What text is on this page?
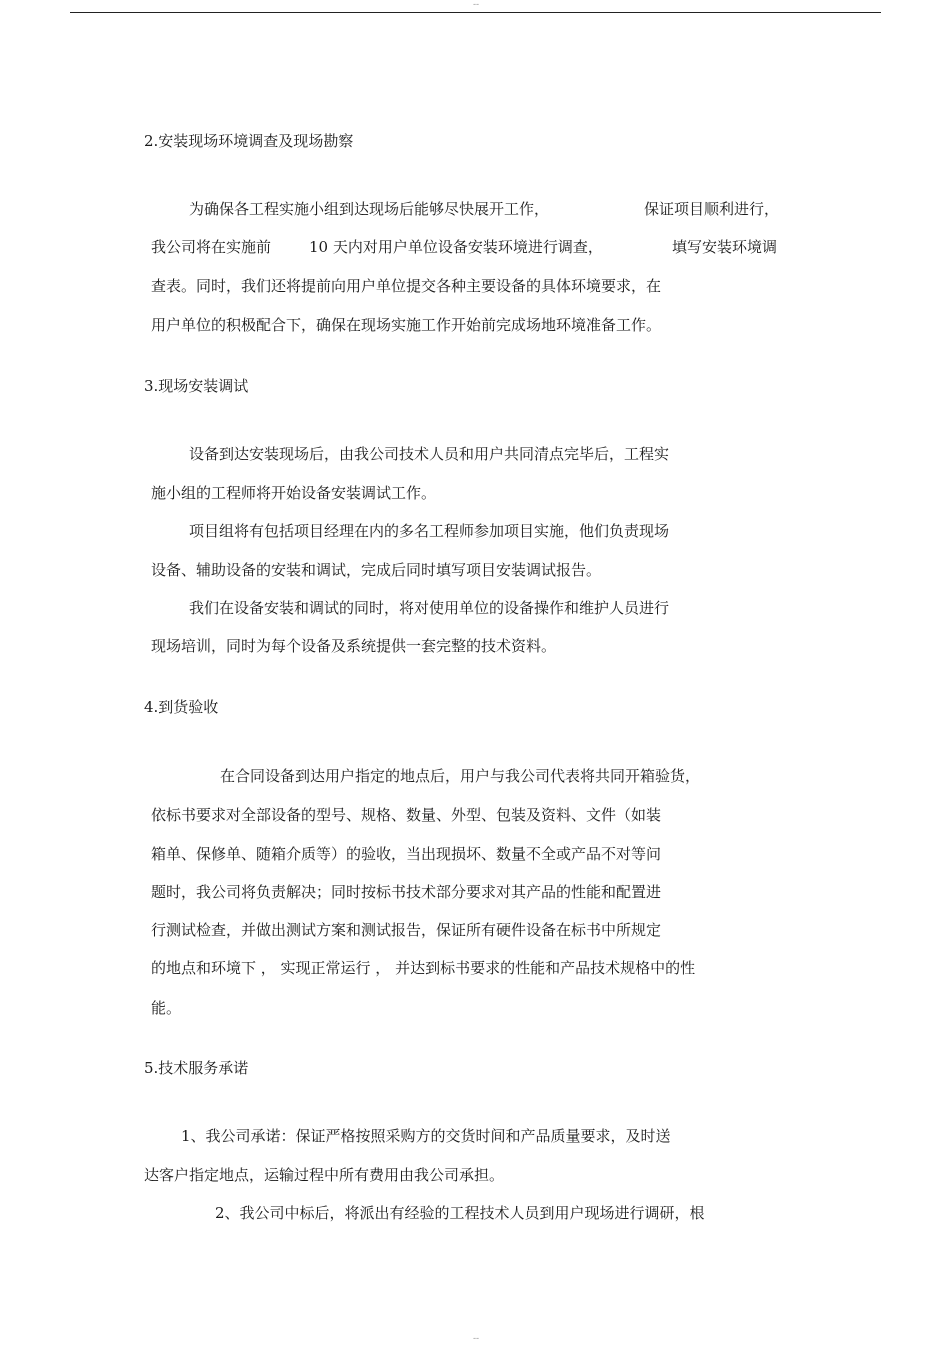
--
2.安装现场环境调查及现场勘察
为确保各工程实施小组到达现场后能够尽快展开工作，	保证项目顺利进行，
我公司将在实施前	10 天内对用户单位设备安装环境进行调查，	填写安装环境调
查表。同时，我们还将提前向用户单位提交各种主要设备的具体环境要求，在
用户单位的积极配合下，确保在现场实施工作开始前完成场地环境准备工作。
3.现场安装调试
设备到达安装现场后，由我公司技术人员和用户共同清点完毕后，工程实
施小组的工程师将开始设备安装调试工作。
项目组将有包括项目经理在内的多名工程师参加项目实施，他们负责现场
设备、辅助设备的安装和调试，完成后同时填写项目安装调试报告。
我们在设备安装和调试的同时，将对使用单位的设备操作和维护人员进行
现场培训，同时为每个设备及系统提供一套完整的技术资料。
4.到货验收
在合同设备到达用户指定的地点后，用户与我公司代表将共同开箱验货，
依标书要求对全部设备的型号、规格、数量、外型、包装及资料、文件（如装
箱单、保修单、随箱介质等）的验收，当出现损坏、数量不全或产品不对等问
题时，我公司将负责解决；同时按标书技术部分要求对其产品的性能和配置进
行测试检查，并做出测试方案和测试报告，保证所有硬件设备在标书中所规定
的地点和环境下 ， 实现正常运行 ， 并达到标书要求的性能和产品技术规格中的性
能。
5.技术服务承诺
1、我公司承诺：保证严格按照采购方的交货时间和产品质量要求，及时送
达客户指定地点，运输过程中所有费用由我公司承担。
2、我公司中标后，将派出有经验的工程技术人员到用户现场进行调研，根
--
